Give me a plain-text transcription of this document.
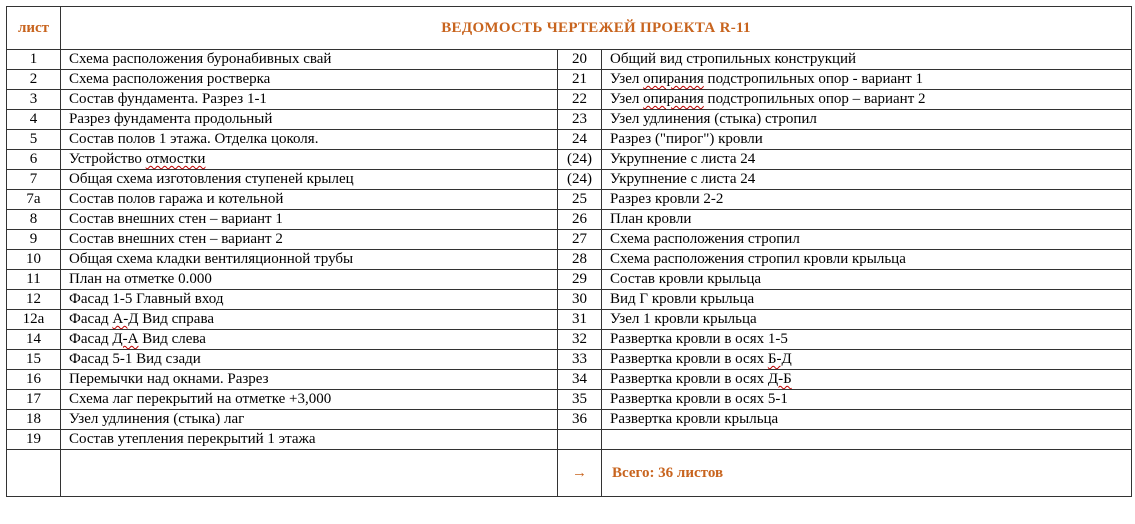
лист	ВЕДОМОСТЬ ЧЕРТЕЖЕЙ ПРОЕКТА R-11		
1	Схема расположения буронабивных свай	20	Общий вид стропильных конструкций
2	Схема расположения ростверка	21	Узел опирания подстропильных опор - вариант 1
3	Состав фундамента. Разрез 1-1	22	Узел опирания подстропильных опор – вариант 2
4	Разрез фундамента продольный	23	Узел удлинения (стыка) стропил
5	Состав полов 1 этажа. Отделка цоколя.	24	Разрез ("пирог") кровли
6	Устройство отмостки	(24)	Укрупнение с листа 24
7	Общая схема изготовления ступеней крылец	(24)	Укрупнение с листа 24
7а	Состав полов гаража и котельной	25	Разрез кровли 2-2
8	Состав внешних стен – вариант 1	26	План кровли
9	Состав внешних стен – вариант 2	27	Схема расположения стропил
10	Общая схема кладки вентиляционной трубы	28	Схема расположения стропил кровли крыльца
11	План на отметке 0.000	29	Состав кровли крыльца
12	Фасад 1-5 Главный вход	30	Вид Г кровли крыльца
12а	Фасад А-Д Вид справа	31	Узел 1 кровли крыльца
14	Фасад Д-А Вид слева	32	Развертка кровли в осях 1-5
15	Фасад 5-1 Вид сзади	33	Развертка кровли в осях Б-Д
16	Перемычки над окнами. Разрез	34	Развертка кровли в осях Д-Б
17	Схема лаг перекрытий на отметке +3,000	35	Развертка кровли в осях 5-1
18	Узел удлинения (стыка) лаг	36	Развертка кровли крыльца
19	Состав утепления перекрытий 1 этажа		
		→	Всего: 36 листов
